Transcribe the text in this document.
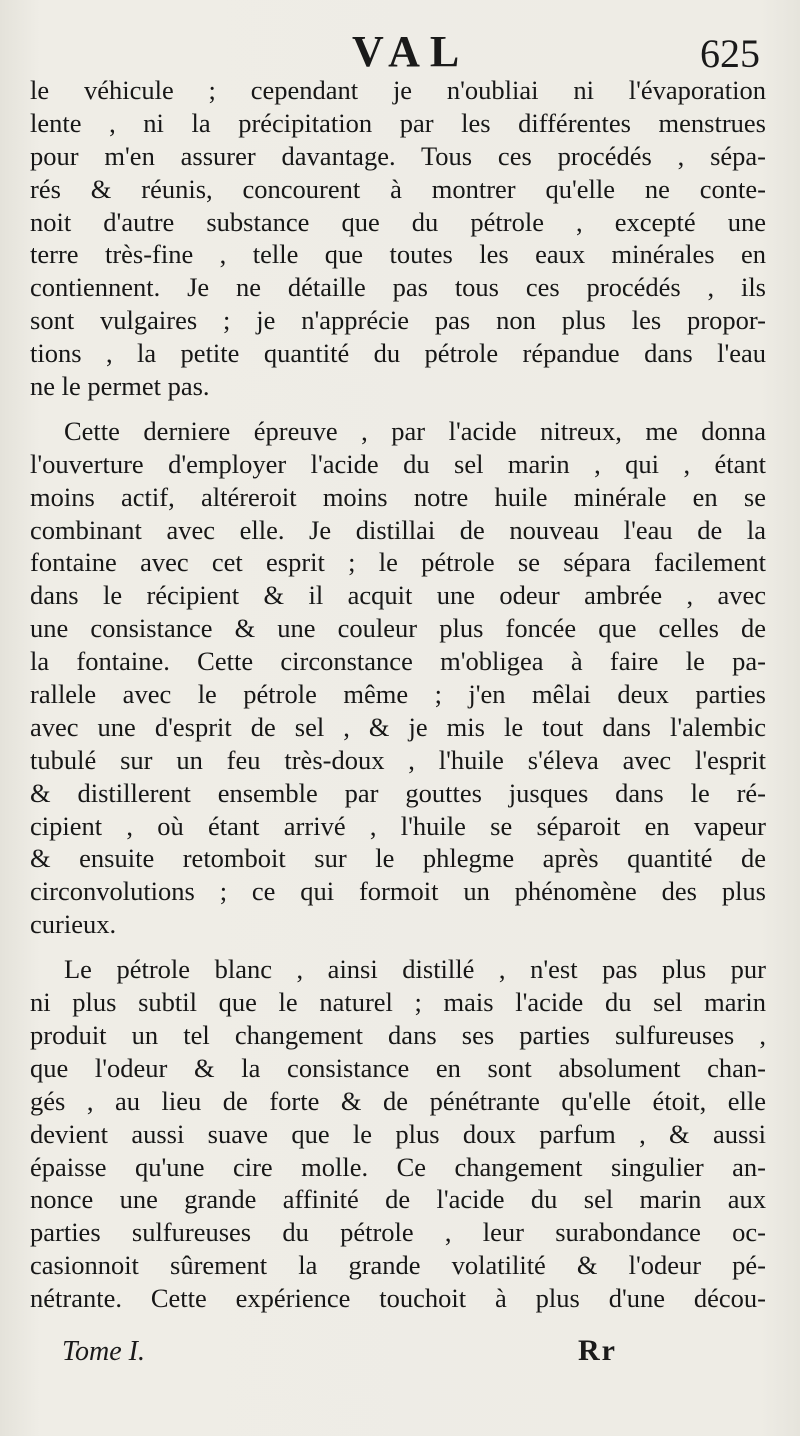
VAL	625
le véhicule ; cependant je n'oubliai ni l'évaporation
lente , ni la précipitation par les différentes menstrues
pour m'en assurer davantage. Tous ces procédés , sépa-
rés & réunis, concourent à montrer qu'elle ne conte-
noit d'autre substance que du pétrole , excepté une
terre très-fine , telle que toutes les eaux minérales en
contiennent. Je ne détaille pas tous ces procédés , ils
sont vulgaires ; je n'apprécie pas non plus les propor-
tions , la petite quantité du pétrole répandue dans l'eau
ne le permet pas.
Cette derniere épreuve , par l'acide nitreux, me donna
l'ouverture d'employer l'acide du sel marin , qui , étant
moins actif, altéreroit moins notre huile minérale en se
combinant avec elle. Je distillai de nouveau l'eau de la
fontaine avec cet esprit ; le pétrole se sépara facilement
dans le récipient & il acquit une odeur ambrée , avec
une consistance & une couleur plus foncée que celles de
la fontaine. Cette circonstance m'obligea à faire le pa-
rallele avec le pétrole même ; j'en mêlai deux parties
avec une d'esprit de sel , & je mis le tout dans l'alembic
tubulé sur un feu très-doux , l'huile s'éleva avec l'esprit
& distillerent ensemble par gouttes jusques dans le ré-
cipient , où étant arrivé , l'huile se séparoit en vapeur
& ensuite retomboit sur le phlegme après quantité de
circonvolutions ; ce qui formoit un phénomène des plus
curieux.
Le pétrole blanc , ainsi distillé , n'est pas plus pur
ni plus subtil que le naturel ; mais l'acide du sel marin
produit un tel changement dans ses parties sulfureuses ,
que l'odeur & la consistance en sont absolument chan-
gés , au lieu de forte & de pénétrante qu'elle étoit, elle
devient aussi suave que le plus doux parfum , & aussi
épaisse qu'une cire molle. Ce changement singulier an-
nonce une grande affinité de l'acide du sel marin aux
parties sulfureuses du pétrole , leur surabondance oc-
casionnoit sûrement la grande volatilité & l'odeur pé-
nétrante. Cette expérience touchoit à plus d'une décou-
Tome I.	Rr
